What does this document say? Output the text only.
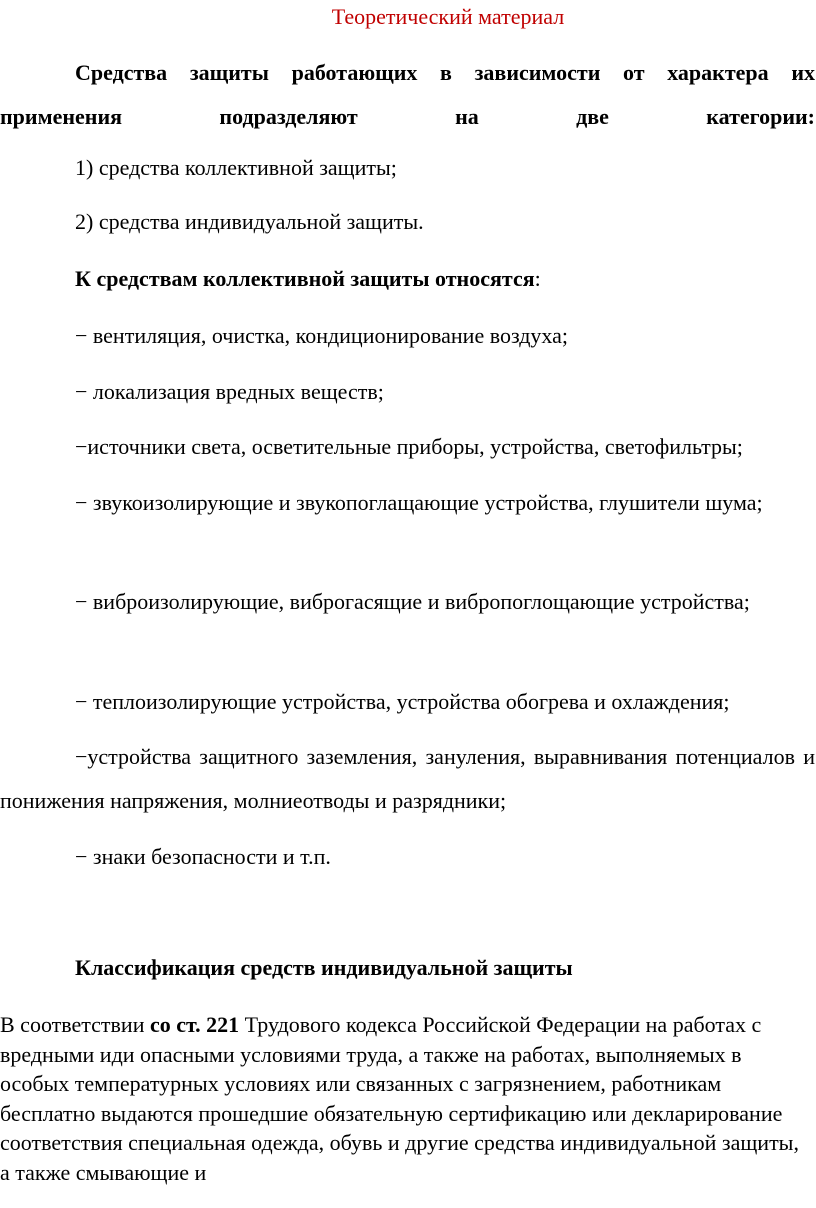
Теоретический материал

Средства защиты работающих в зависимости от характера их применения подразделяют на две категории:

1) средства коллективной защиты;

2) средства индивидуальной защиты.

К средствам коллективной защиты относятся:

− вентиляция, очистка, кондиционирование воздуха;

− локализация вредных веществ;

−источники света, осветительные приборы, устройства, светофильтры;

− звукоизолирующие и звукопоглащающие устройства, глушители шума;

− виброизолирующие, виброгасящие и вибропоглощающие устройства;

− теплоизолирующие устройства, устройства обогрева и охлаждения;

−устройства защитного заземления, зануления, выравнивания потенциалов и понижения напряжения, молниеотводы и разрядники;

− знаки безопасности и т.п.

Классификация средств индивидуальной защиты

В соответствии со ст. 221 Трудового кодекса Российской Федерации на работах с вредными иди опасными условиями труда, а также на работах, выполняемых в особых температурных условиях или связанных с загрязнением, работникам бесплатно выдаются прошедшие обязательную сертификацию или декларирование соответствия специальная одежда, обувь и другие средства индивидуальной защиты, а также смывающие и
